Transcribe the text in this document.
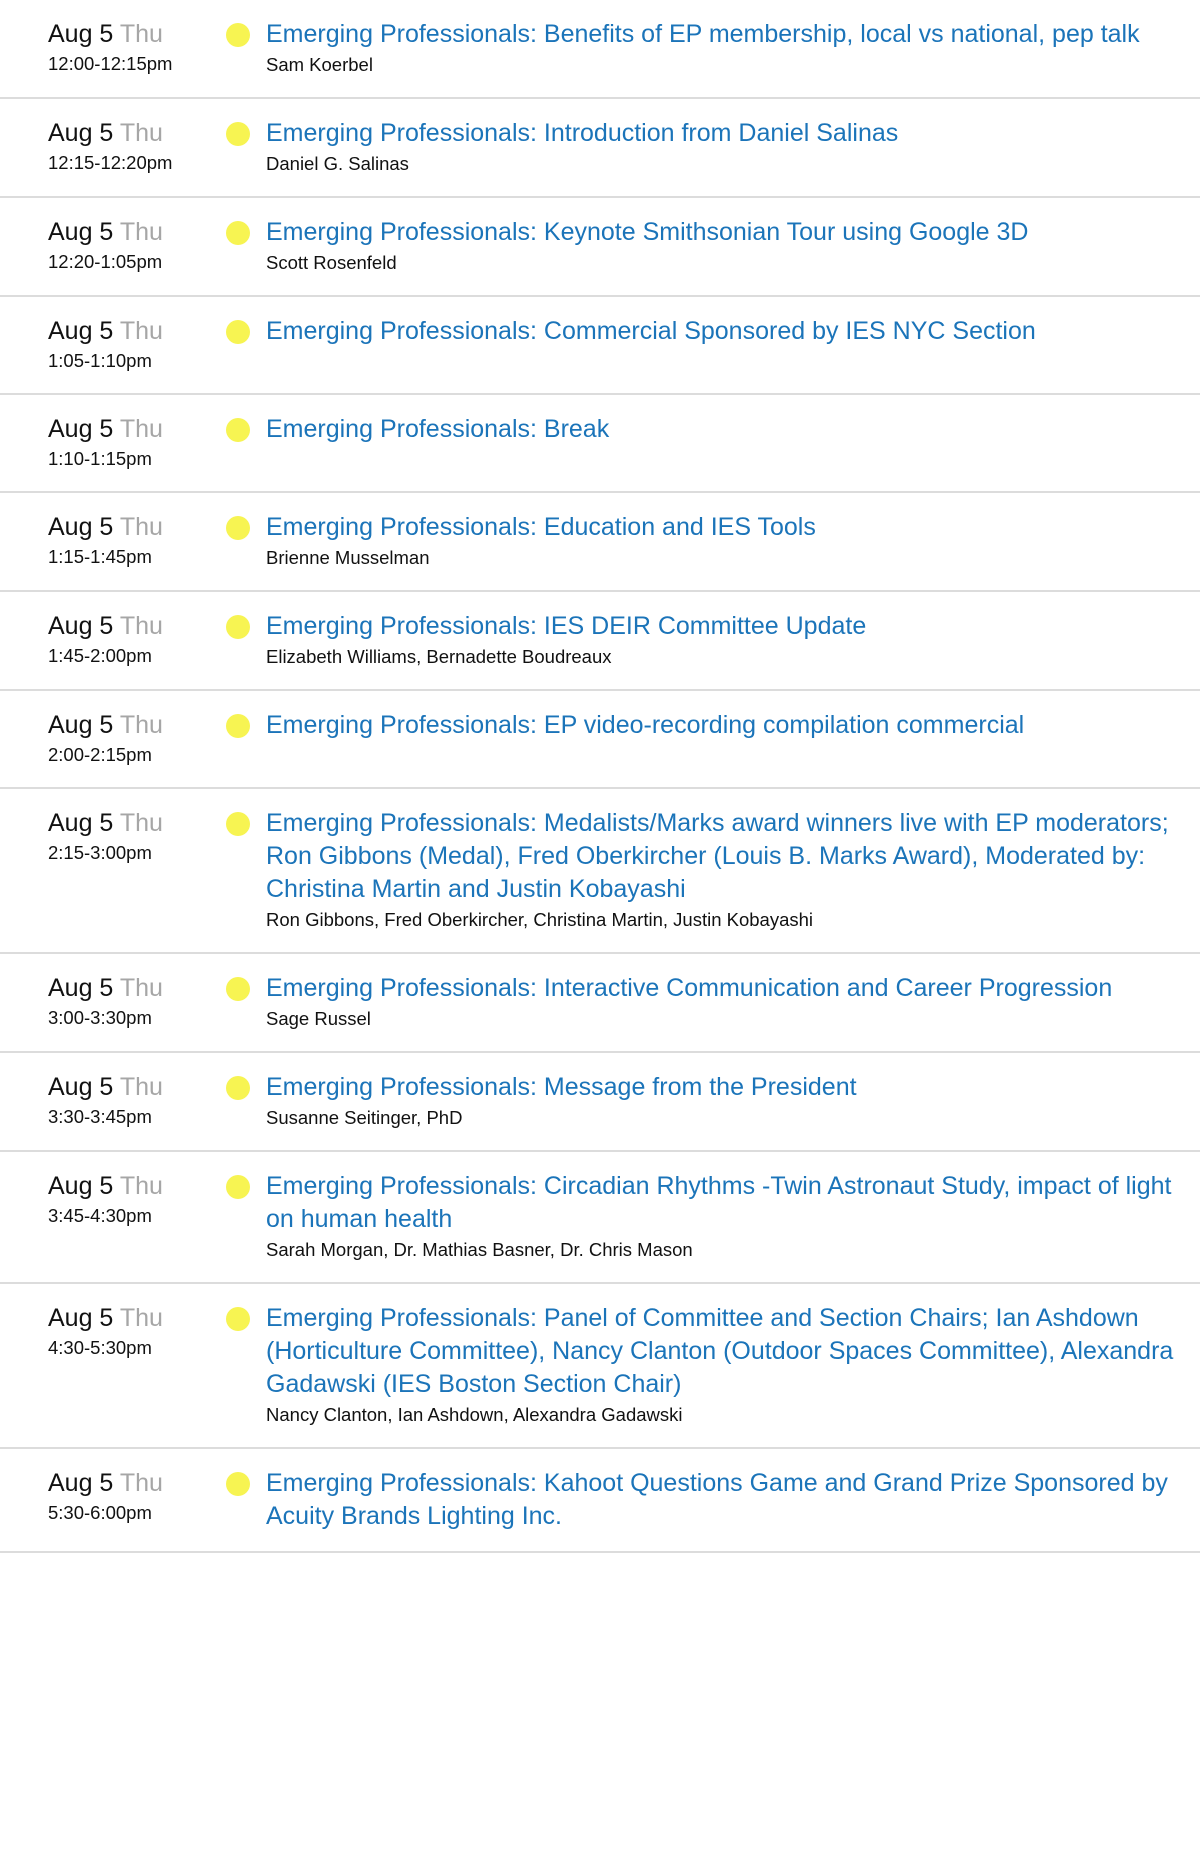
Aug 5 Thu
12:00-12:15pm
Emerging Professionals: Benefits of EP membership, local vs national, pep talk
Sam Koerbel
Aug 5 Thu
12:15-12:20pm
Emerging Professionals: Introduction from Daniel Salinas
Daniel G. Salinas
Aug 5 Thu
12:20-1:05pm
Emerging Professionals: Keynote Smithsonian Tour using Google 3D
Scott Rosenfeld
Aug 5 Thu
1:05-1:10pm
Emerging Professionals: Commercial Sponsored by IES NYC Section
Aug 5 Thu
1:10-1:15pm
Emerging Professionals: Break
Aug 5 Thu
1:15-1:45pm
Emerging Professionals: Education and IES Tools
Brienne Musselman
Aug 5 Thu
1:45-2:00pm
Emerging Professionals: IES DEIR Committee Update
Elizabeth Williams, Bernadette Boudreaux
Aug 5 Thu
2:00-2:15pm
Emerging Professionals: EP video-recording compilation commercial
Aug 5 Thu
2:15-3:00pm
Emerging Professionals: Medalists/Marks award winners live with EP moderators; Ron Gibbons (Medal), Fred Oberkircher (Louis B. Marks Award), Moderated by: Christina Martin and Justin Kobayashi
Ron Gibbons, Fred Oberkircher, Christina Martin, Justin Kobayashi
Aug 5 Thu
3:00-3:30pm
Emerging Professionals: Interactive Communication and Career Progression
Sage Russel
Aug 5 Thu
3:30-3:45pm
Emerging Professionals: Message from the President
Susanne Seitinger, PhD
Aug 5 Thu
3:45-4:30pm
Emerging Professionals: Circadian Rhythms -Twin Astronaut Study, impact of light on human health
Sarah Morgan, Dr. Mathias Basner, Dr. Chris Mason
Aug 5 Thu
4:30-5:30pm
Emerging Professionals: Panel of Committee and Section Chairs; Ian Ashdown (Horticulture Committee), Nancy Clanton (Outdoor Spaces Committee), Alexandra Gadawski (IES Boston Section Chair)
Nancy Clanton, Ian Ashdown, Alexandra Gadawski
Aug 5 Thu
5:30-6:00pm
Emerging Professionals: Kahoot Questions Game and Grand Prize Sponsored by Acuity Brands Lighting Inc.
